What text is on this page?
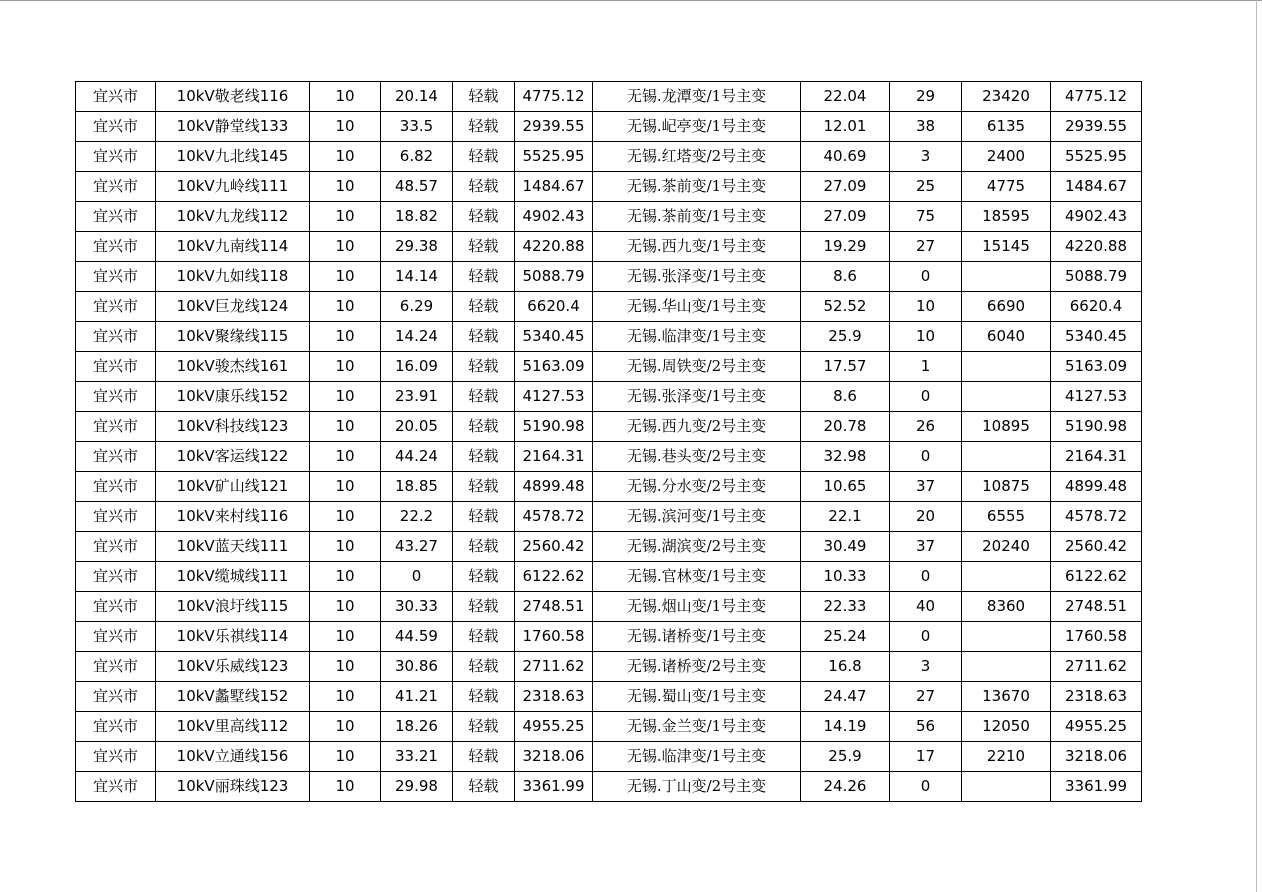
宜兴市	10kV敬老线116	10	20.14	轻载	4775.12	无锡.龙潭变/1号主变	22.04	29	23420	4775.12
宜兴市	10kV静堂线133	10	33.5	轻载	2939.55	无锡.屺亭变/1号主变	12.01	38	6135	2939.55
宜兴市	10kV九北线145	10	6.82	轻载	5525.95	无锡.红塔变/2号主变	40.69	3	2400	5525.95
宜兴市	10kV九岭线111	10	48.57	轻载	1484.67	无锡.茶前变/1号主变	27.09	25	4775	1484.67
宜兴市	10kV九龙线112	10	18.82	轻载	4902.43	无锡.茶前变/1号主变	27.09	75	18595	4902.43
宜兴市	10kV九南线114	10	29.38	轻载	4220.88	无锡.西九变/1号主变	19.29	27	15145	4220.88
宜兴市	10kV九如线118	10	14.14	轻载	5088.79	无锡.张泽变/1号主变	8.6	0		5088.79
宜兴市	10kV巨龙线124	10	6.29	轻载	6620.4	无锡.华山变/1号主变	52.52	10	6690	6620.4
宜兴市	10kV聚缘线115	10	14.24	轻载	5340.45	无锡.临津变/1号主变	25.9	10	6040	5340.45
宜兴市	10kV骏杰线161	10	16.09	轻载	5163.09	无锡.周铁变/2号主变	17.57	1		5163.09
宜兴市	10kV康乐线152	10	23.91	轻载	4127.53	无锡.张泽变/1号主变	8.6	0		4127.53
宜兴市	10kV科技线123	10	20.05	轻载	5190.98	无锡.西九变/2号主变	20.78	26	10895	5190.98
宜兴市	10kV客运线122	10	44.24	轻载	2164.31	无锡.巷头变/2号主变	32.98	0		2164.31
宜兴市	10kV矿山线121	10	18.85	轻载	4899.48	无锡.分水变/2号主变	10.65	37	10875	4899.48
宜兴市	10kV来村线116	10	22.2	轻载	4578.72	无锡.滨河变/1号主变	22.1	20	6555	4578.72
宜兴市	10kV蓝天线111	10	43.27	轻载	2560.42	无锡.湖滨变/2号主变	30.49	37	20240	2560.42
宜兴市	10kV缆城线111	10	0	轻载	6122.62	无锡.官林变/1号主变	10.33	0		6122.62
宜兴市	10kV浪圩线115	10	30.33	轻载	2748.51	无锡.烟山变/1号主变	22.33	40	8360	2748.51
宜兴市	10kV乐祺线114	10	44.59	轻载	1760.58	无锡.诸桥变/1号主变	25.24	0		1760.58
宜兴市	10kV乐威线123	10	30.86	轻载	2711.62	无锡.诸桥变/2号主变	16.8	3		2711.62
宜兴市	10kV蠡墅线152	10	41.21	轻载	2318.63	无锡.蜀山变/1号主变	24.47	27	13670	2318.63
宜兴市	10kV里高线112	10	18.26	轻载	4955.25	无锡.金兰变/1号主变	14.19	56	12050	4955.25
宜兴市	10kV立通线156	10	33.21	轻载	3218.06	无锡.临津变/1号主变	25.9	17	2210	3218.06
宜兴市	10kV丽珠线123	10	29.98	轻载	3361.99	无锡.丁山变/2号主变	24.26	0		3361.99
